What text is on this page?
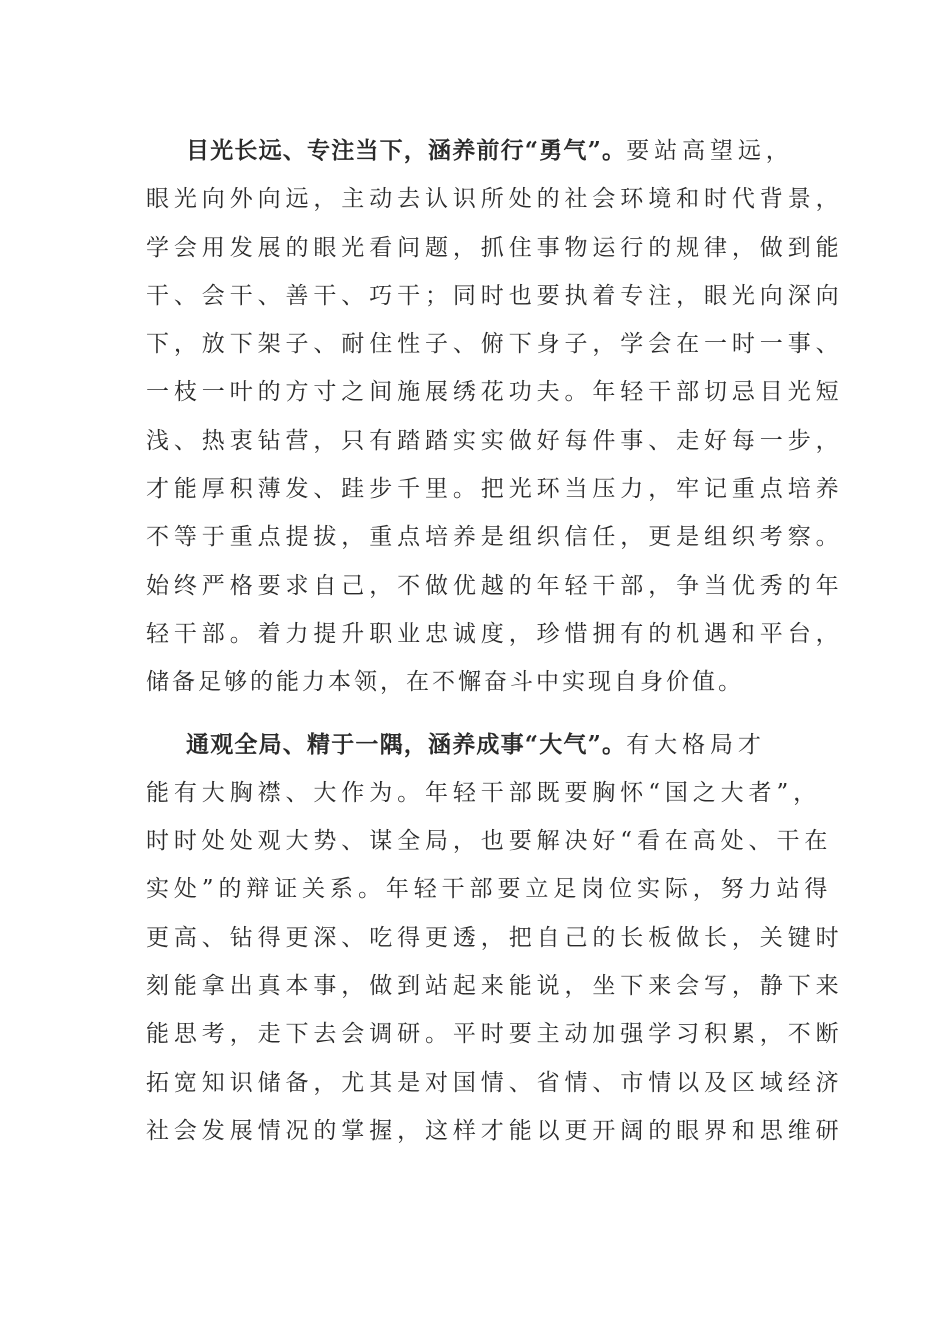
目光长远、专注当下，涵养前行“勇气”。要站高望远，
眼光向外向远，主动去认识所处的社会环境和时代背景，
学会用发展的眼光看问题，抓住事物运行的规律，做到能
干、会干、善干、巧干；同时也要执着专注，眼光向深向
下，放下架子、耐住性子、俯下身子，学会在一时一事、
一枝一叶的方寸之间施展绣花功夫。年轻干部切忌目光短
浅、热衷钻营，只有踏踏实实做好每件事、走好每一步，
才能厚积薄发、跬步千里。把光环当压力，牢记重点培养
不等于重点提拔，重点培养是组织信任，更是组织考察。
始终严格要求自己，不做优越的年轻干部，争当优秀的年
轻干部。着力提升职业忠诚度，珍惜拥有的机遇和平台，
储备足够的能力本领，在不懈奋斗中实现自身价值。
通观全局、精于一隅，涵养成事“大气”。有大格局才
能有大胸襟、大作为。年轻干部既要胸怀“国之大者”，
时时处处观大势、谋全局，也要解决好“看在高处、干在
实处”的辩证关系。年轻干部要立足岗位实际，努力站得
更高、钻得更深、吃得更透，把自己的长板做长，关键时
刻能拿出真本事，做到站起来能说，坐下来会写，静下来
能思考，走下去会调研。平时要主动加强学习积累，不断
拓宽知识储备，尤其是对国情、省情、市情以及区域经济
社会发展情况的掌握，这样才能以更开阔的眼界和思维研
